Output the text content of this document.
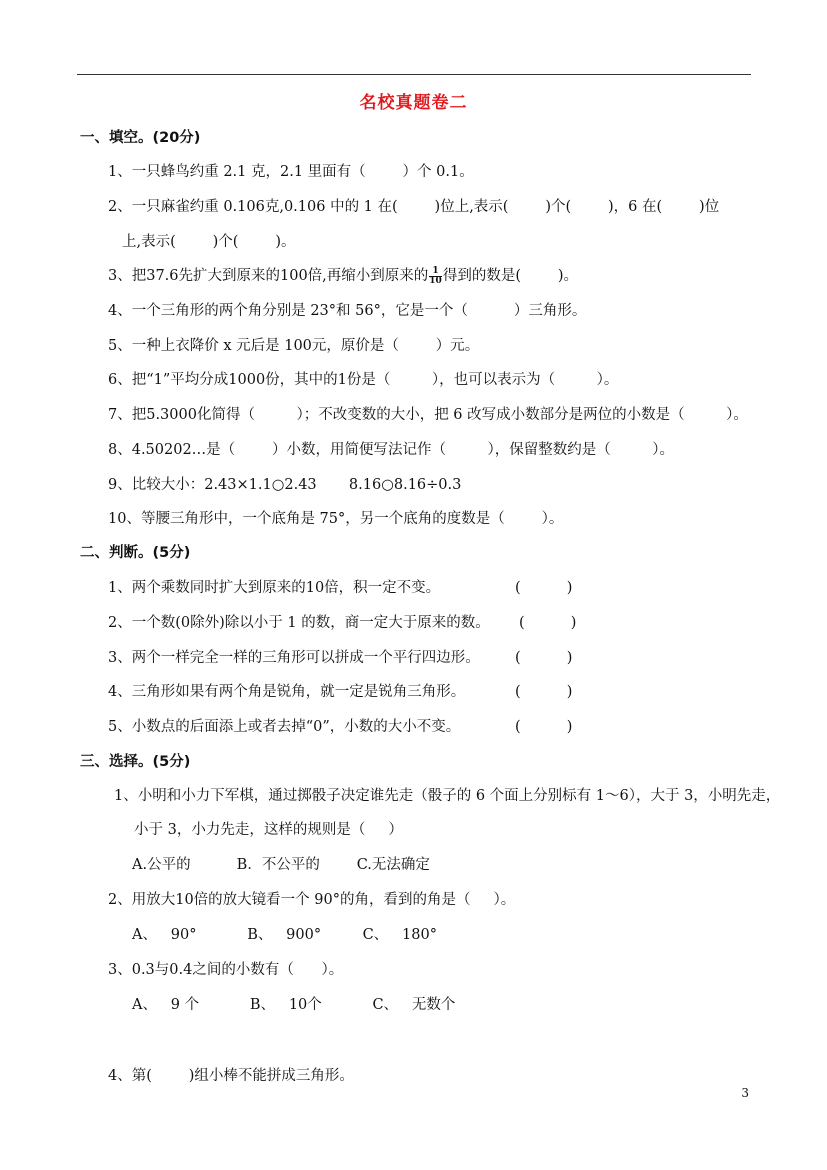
名校真题卷二
一、填空。(20分)
1、一只蜂鸟约重 2.1 克，2.1 里面有（        ）个 0.1。
2、一只麻雀约重 0.106克,0.106 中的 1 在(        )位上,表示(        )个(        )，6 在(        )位
上,表示(        )个(        )。
3、把37.6先扩大到原来的100倍,再缩小到原来的 $\frac{1}{10}$ 得到的数是(        )。
4、一个三角形的两个角分别是 23°和 56°，它是一个（          ）三角形。
5、一种上衣降价 x 元后是 100元，原价是（        ）元。
6、把“1”平均分成1000份，其中的1份是（         ），也可以表示为（         ）。
7、把5.3000化简得（         ）；不改变数的大小，把 6 改写成小数部分是两位的小数是（         ）。
8、4.50202…是（        ）小数，用简便写法记作（         ），保留整数约是（         ）。
9、比较大小：2.43×1.1○2.43       8.16○8.16÷0.3
10、等腰三角形中，一个底角是 75°，另一个底角的度数是（        ）。
二、判断。(5分)
1、两个乘数同时扩大到原来的10倍，积一定不变。	(          )
2、一个数(0除外)除以小于 1 的数，商一定大于原来的数。 (          )
3、两个一样完全一样的三角形可以拼成一个平行四边形。 (          )
4、三角形如果有两个角是锐角，就一定是锐角三角形。	(          )
5、小数点的后面添上或者去掉“0”，小数的大小不变。	(          )
三、选择。(5分)
1、小明和小力下军棋，通过掷骰子决定谁先走（骰子的 6 个面上分别标有 1～6），大于 3，小明先走，
小于 3，小力先走，这样的规则是（     ）
A.公平的          B．不公平的        C.无法确定
2、用放大10倍的放大镜看一个 90°的角，看到的角是（     ）。
A、   90°           B、   900°         C、   180°
3、0.3与0.4之间的小数有（      ）。
A、   9 个           B、   10个           C、   无数个
4、第(        )组小棒不能拼成三角形。
3
